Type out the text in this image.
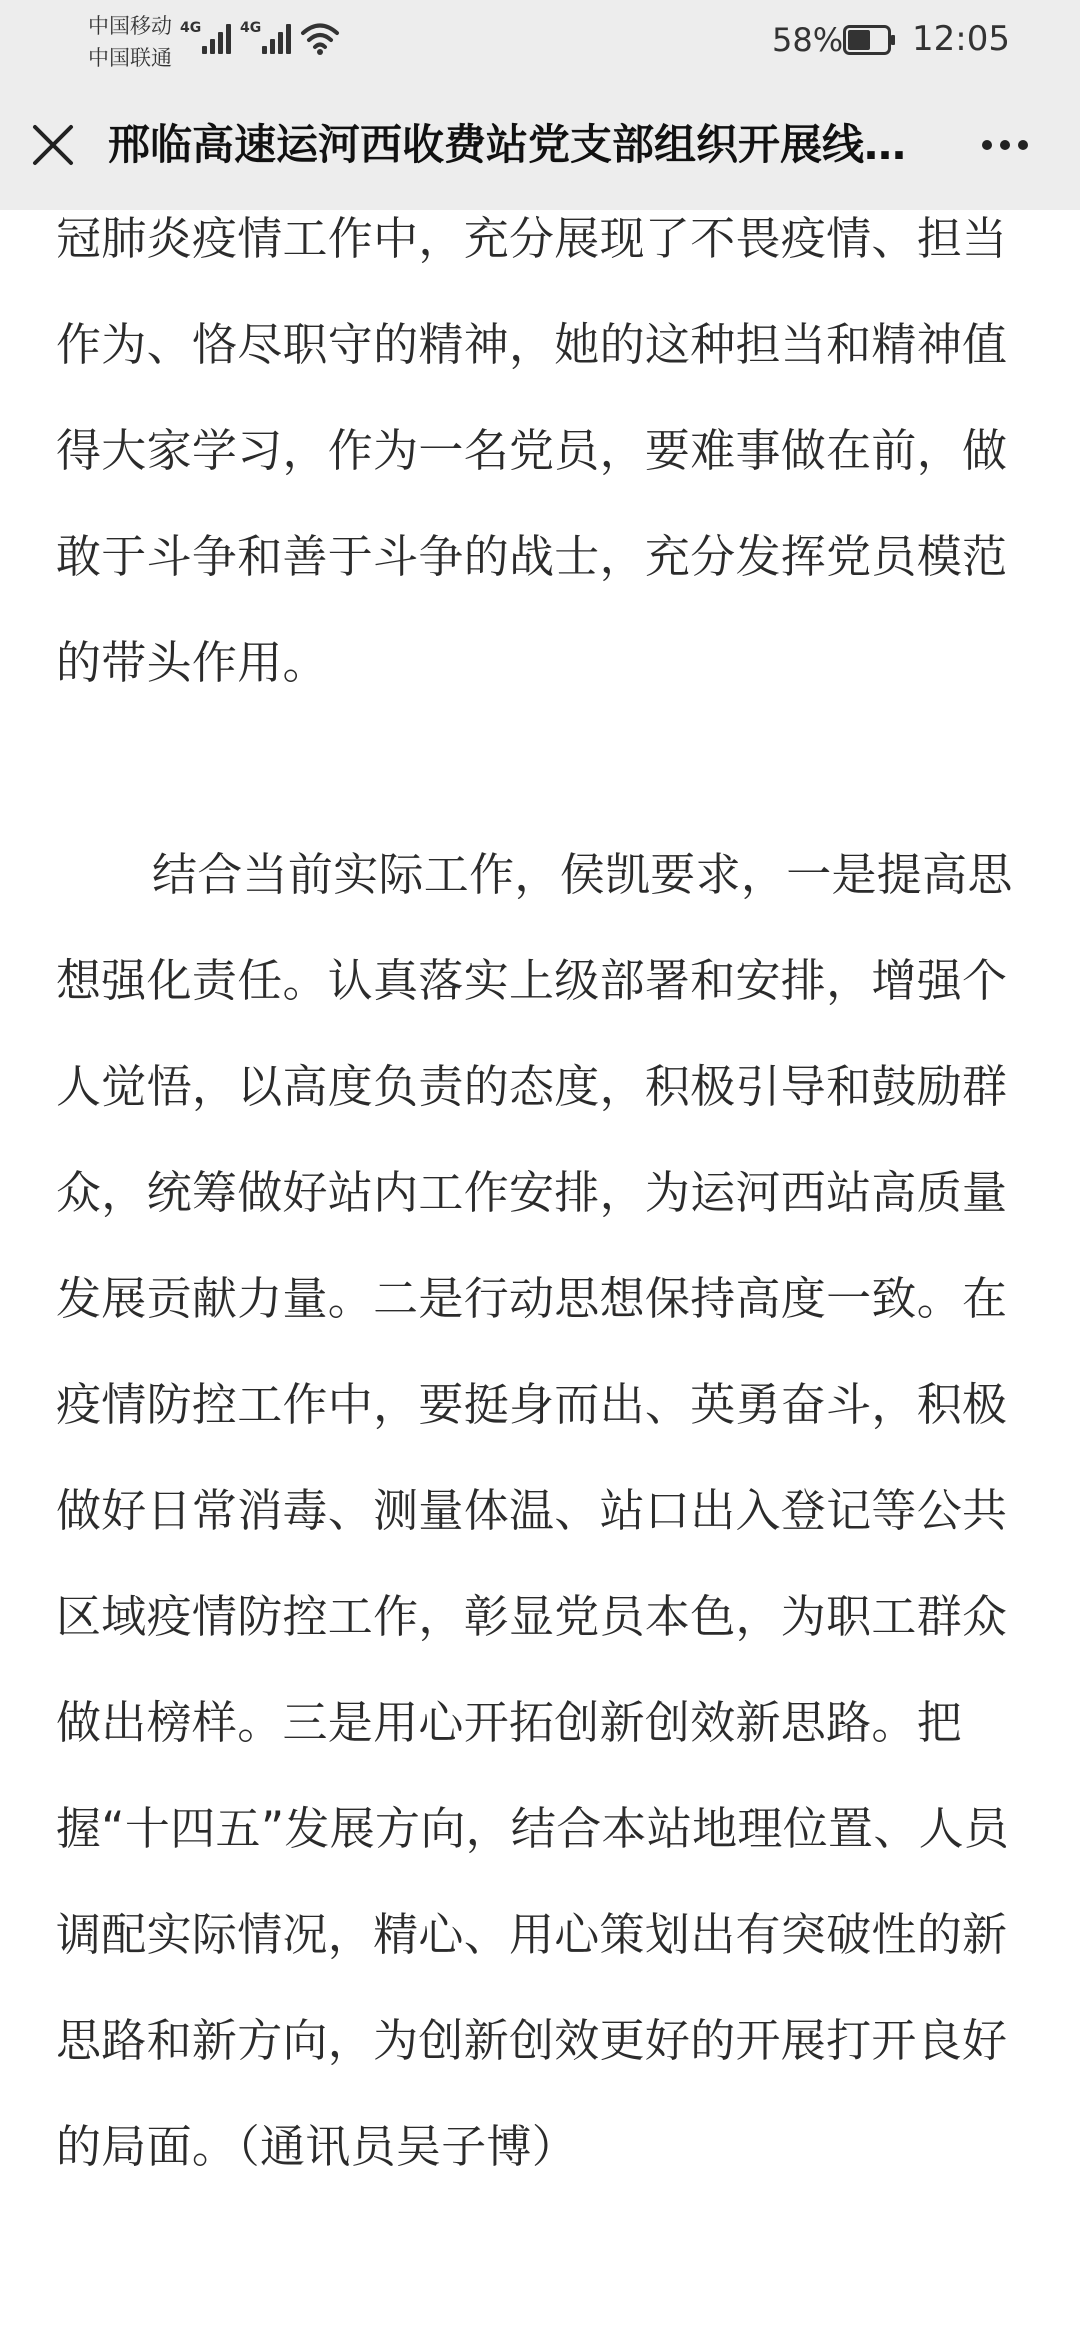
中国移动
中国联通
4G	4G	58% 12:05
邢临高速运河西收费站党支部组织开展线…

冠肺炎疫情工作中，充分展现了不畏疫情、担当作为、恪尽职守的精神，她的这种担当和精神值得大家学习，作为一名党员，要难事做在前，做敢于斗争和善于斗争的战士，充分发挥党员模范的带头作用。

结合当前实际工作，侯凯要求，一是提高思想强化责任。认真落实上级部署和安排，增强个人觉悟，以高度负责的态度，积极引导和鼓励群众，统筹做好站内工作安排，为运河西站高质量发展贡献力量。二是行动思想保持高度一致。在疫情防控工作中，要挺身而出、英勇奋斗，积极做好日常消毒、测量体温、站口出入登记等公共区域疫情防控工作，彰显党员本色，为职工群众做出榜样。三是用心开拓创新创效新思路。把握“十四五”发展方向，结合本站地理位置、人员调配实际情况，精心、用心策划出有突破性的新思路和新方向，为创新创效更好的开展打开良好的局面。（通讯员吴子博）
